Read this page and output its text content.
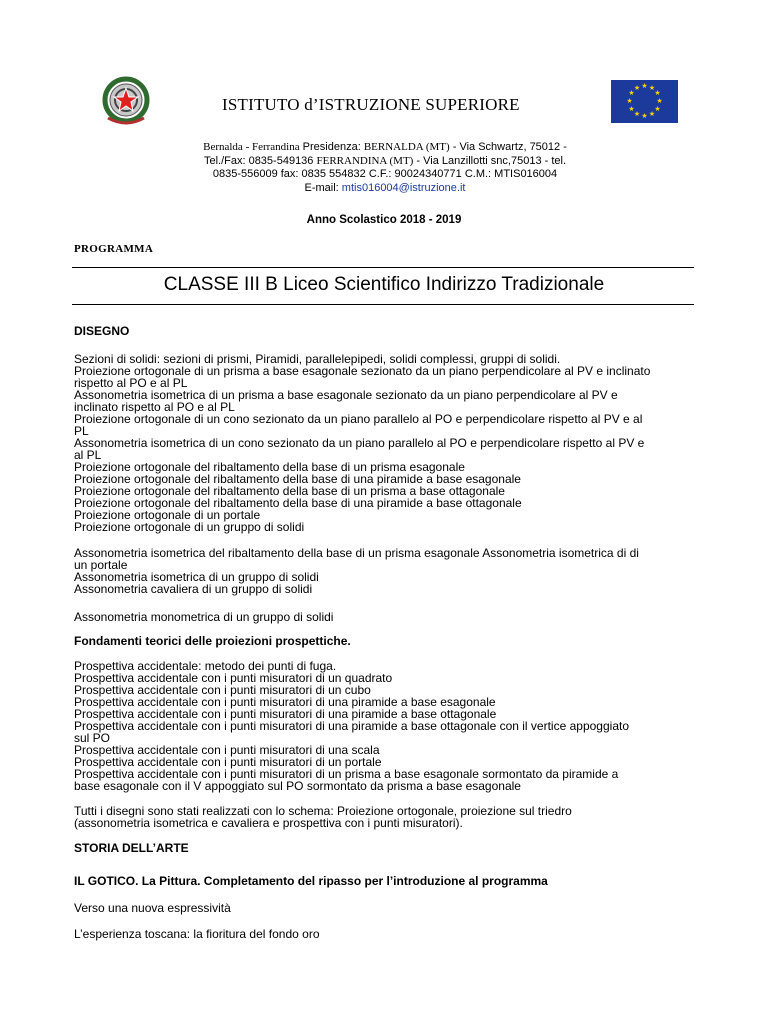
★ ★
★
★
★
★
★
★
★
★
★
★
ISTITUTO d’ISTRUZIONE SUPERIORE
Bernalda - Ferrandina Presidenza: BERNALDA (MT) - Via Schwartz, 75012 -
Tel./Fax: 0835-549136 FERRANDINA (MT) - Via Lanzillotti snc,75013 - tel.
0835-556009 fax: 0835 554832 C.F.: 90024340771 C.M.: MTIS016004
E-mail: mtis016004@istruzione.it
Anno Scolastico 2018 - 2019
PROGRAMMA
CLASSE III B Liceo Scientifico Indirizzo Tradizionale

DISEGNO

Sezioni di solidi: sezioni di prismi, Piramidi, parallelepipedi, solidi complessi, gruppi di solidi.

Proiezione ortogonale di un prisma a base esagonale sezionato da un piano perpendicolare al PV e inclinato

rispetto al PO e al PL

Assonometria isometrica di un prisma a base esagonale sezionato da un piano perpendicolare al PV e

inclinato rispetto al PO e al PL

Proiezione ortogonale di un cono sezionato da un piano parallelo al PO e perpendicolare rispetto al PV e al

PL

Assonometria isometrica di un cono sezionato da un piano parallelo al PO e perpendicolare rispetto al PV e

al PL

Proiezione ortogonale del ribaltamento della base di un prisma esagonale

Proiezione ortogonale del ribaltamento della base di una piramide a base esagonale

Proiezione ortogonale del ribaltamento della base di un prisma a base ottagonale

Proiezione ortogonale del ribaltamento della base di una piramide a base ottagonale

Proiezione ortogonale di un portale

Proiezione ortogonale di un gruppo di solidi

Assonometria isometrica del ribaltamento della base di un prisma esagonale Assonometria isometrica di di

un portale

Assonometria isometrica di un gruppo di solidi

Assonometria cavaliera di un gruppo di solidi

Assonometria monometrica di un gruppo di solidi

Fondamenti teorici delle proiezioni prospettiche.

Prospettiva accidentale: metodo dei punti di fuga.

Prospettiva accidentale con i punti misuratori di un quadrato

Prospettiva accidentale con i punti misuratori di un cubo

Prospettiva accidentale con i punti misuratori di una piramide a base esagonale

Prospettiva accidentale con i punti misuratori di una piramide a base ottagonale

Prospettiva accidentale con i punti misuratori di una piramide a base ottagonale con il vertice appoggiato

sul PO

Prospettiva accidentale con i punti misuratori di una scala

Prospettiva accidentale con i punti misuratori di un portale

Prospettiva accidentale con i punti misuratori di un prisma a base esagonale sormontato da piramide a

base esagonale con il V appoggiato sul PO sormontato da prisma a base esagonale

Tutti i disegni sono stati realizzati con lo schema: Proiezione ortogonale, proiezione sul triedro

(assonometria isometrica e cavaliera e prospettiva con i punti misuratori).

STORIA DELL’ARTE

IL GOTICO. La Pittura. Completamento del ripasso per l’introduzione al programma

Verso una nuova espressività

L’esperienza toscana: la fioritura del fondo oro
